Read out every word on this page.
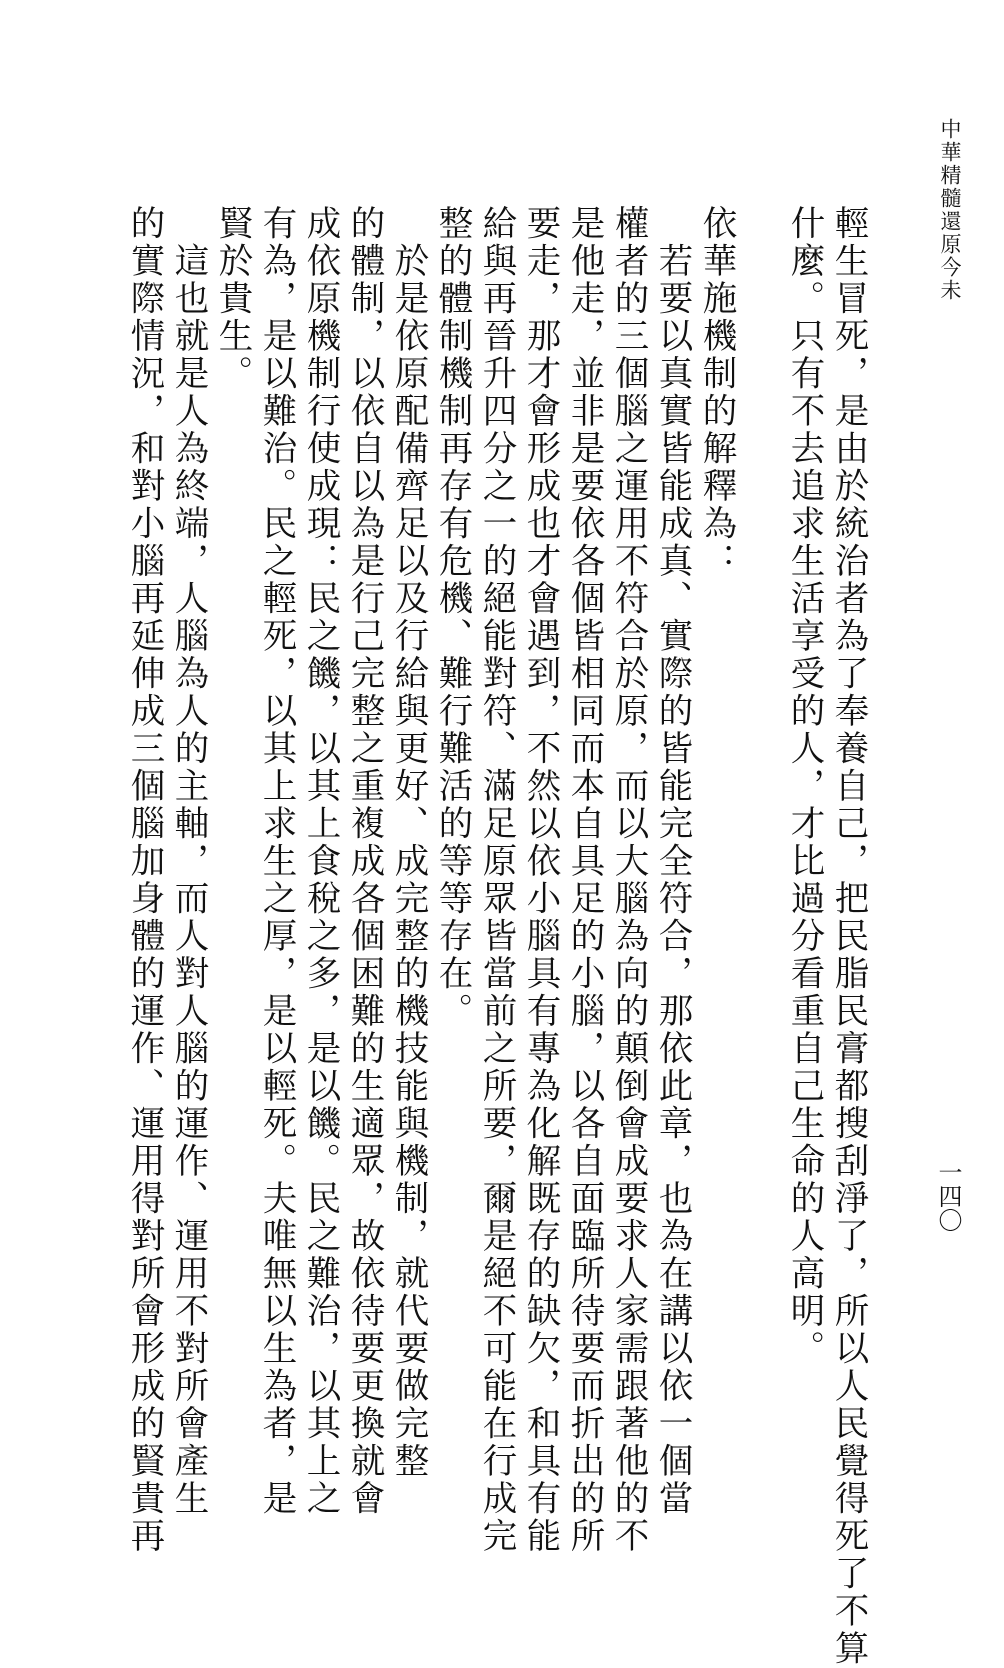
中華精髓還原今未
一四〇
輕生冒死，是由於統治者為了奉養自己，把民脂民膏都搜刮淨了，所以人民覺得死了不算
什麼。只有不去追求生活享受的人，才比過分看重自己生命的人高明。
依華施機制的解釋為：
　若要以真實皆能成真、實際的皆能完全符合，那依此章，也為在講以依一個當
權者的三個腦之運用不符合於原，而以大腦為向的顛倒會成要求人家需跟著他的不
是他走，並非是要依各個皆相同而本自具足的小腦，以各自面臨所待要而折出的所
要走，那才會形成也才會遇到，不然以依小腦具有專為化解既存的缺欠，和具有能
給與再晉升四分之一的絕能對符、滿足原眾皆當前之所要，爾是絕不可能在行成完
整的體制機制再存有危機、難行難活的等等存在。
　於是依原配備齊足以及行給與更好、成完整的機技能與機制，就代要做完整
的體制，以依自以為是行己完整之重複成各個困難的生適眾，故依待要更換就會
成依原機制行使成現：民之饑，以其上食稅之多，是以饑。民之難治，以其上之
有為，是以難治。民之輕死，以其上求生之厚，是以輕死。夫唯無以生為者，是
賢於貴生。
　這也就是人為終端，人腦為人的主軸，而人對人腦的運作、運用不對所會產生
的實際情況，和對小腦再延伸成三個腦加身體的運作、運用得對所會形成的賢貴再
